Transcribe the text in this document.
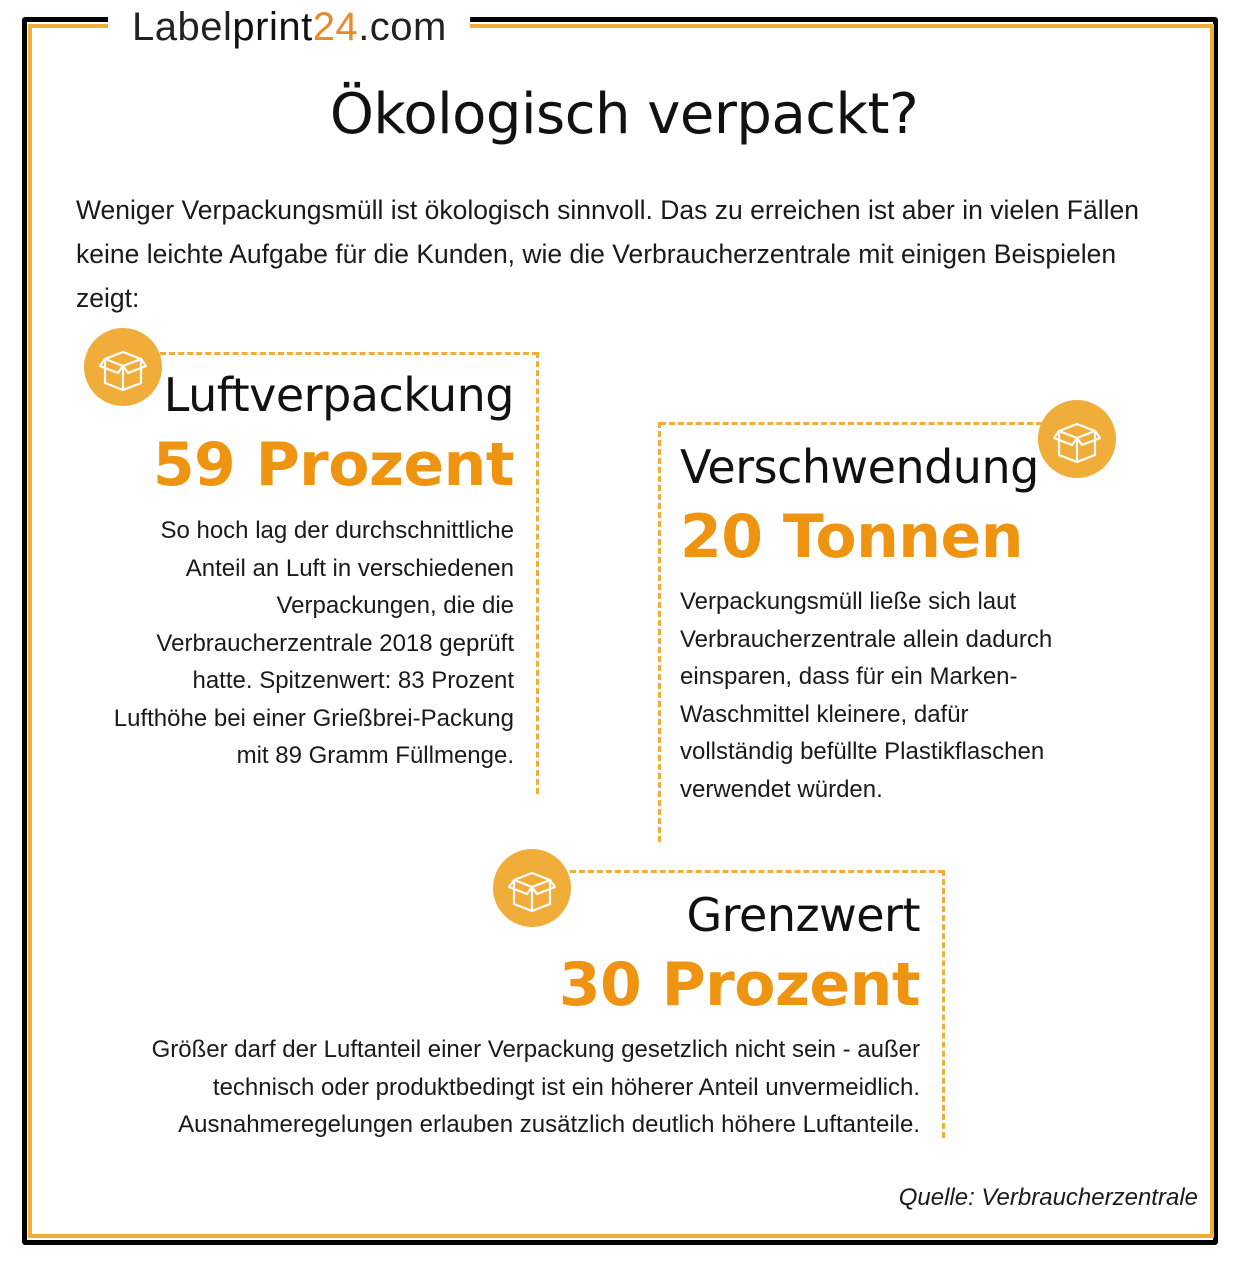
Labelprint24.com
Ökologisch verpackt?
Weniger Verpackungsmüll ist ökologisch sinnvoll. Das zu erreichen ist aber in vielen Fällen keine leichte Aufgabe für die Kunden, wie die Verbraucherzentrale mit einigen Beispielen zeigt:
Luftverpackung
59 Prozent
So hoch lag der durchschnittliche
Anteil an Luft in verschiedenen
Verpackungen, die die
Verbraucherzentrale 2018 geprüft
hatte. Spitzenwert: 83 Prozent
Lufthöhe bei einer Grießbrei-Packung
mit 89 Gramm Füllmenge.
Verschwendung
20 Tonnen
Verpackungsmüll ließe sich laut
Verbraucherzentrale allein dadurch
einsparen, dass für ein Marken-
Waschmittel kleinere, dafür
vollständig befüllte Plastikflaschen
verwendet würden.
Grenzwert
30 Prozent
Größer darf der Luftanteil einer Verpackung gesetzlich nicht sein - außer
technisch oder produktbedingt ist ein höherer Anteil unvermeidlich.
Ausnahmeregelungen erlauben zusätzlich deutlich höhere Luftanteile.
Quelle: Verbraucherzentrale
